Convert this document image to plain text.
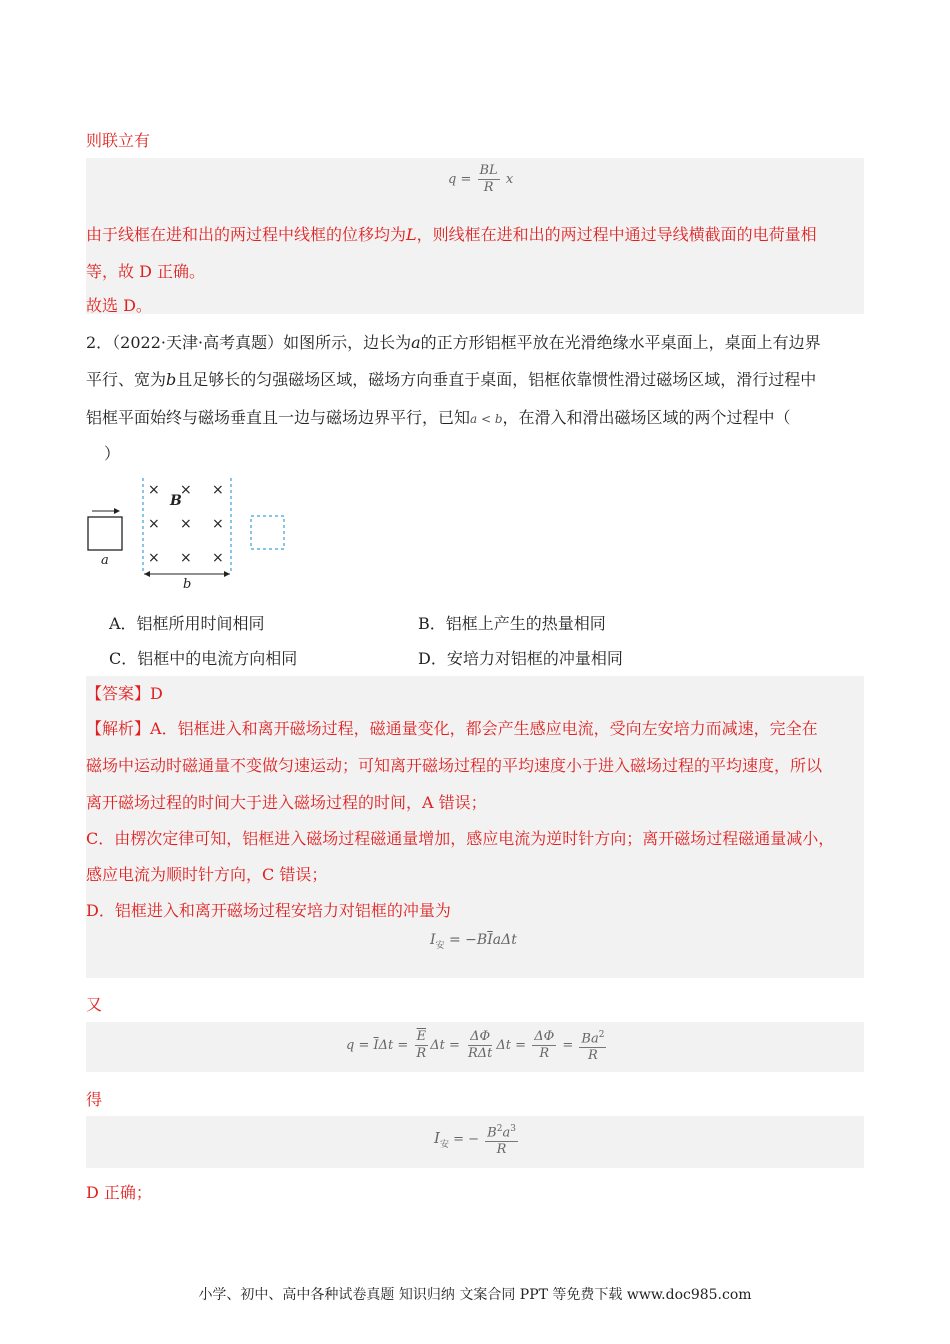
则联立有
$q = \frac{BL}{R}$ x
由于线框在进和出的两过程中线框的位移均为L，则线框在进和出的两过程中通过导线横截面的电荷量相
等，故 D 正确。
故选 D。
2．（2022·天津·高考真题）如图所示，边长为a的正方形铝框平放在光滑绝缘水平桌面上，桌面上有边界
平行、宽为b且足够长的匀强磁场区域，磁场方向垂直于桌面，铝框依靠惯性滑过磁场区域，滑行过程中
铝框平面始终与磁场垂直且一边与磁场边界平行，已知a < b，在滑入和滑出磁场区域的两个过程中（
）
a
× × ×
× × ×
× × ×
B
b
A．铝框所用时间相同	B．铝框上产生的热量相同
C．铝框中的电流方向相同	D．安培力对铝框的冲量相同
【答案】D
【解析】A．铝框进入和离开磁场过程，磁通量变化，都会产生感应电流，受向左安培力而减速，完全在
磁场中运动时磁通量不变做匀速运动；可知离开磁场过程的平均速度小于进入磁场过程的平均速度，所以
离开磁场过程的时间大于进入磁场过程的时间，A 错误；
C．由楞次定律可知，铝框进入磁场过程磁通量增加，感应电流为逆时针方向；离开磁场过程磁通量减小，
感应电流为顺时针方向，C 错误；
D．铝框进入和离开磁场过程安培力对铝框的冲量为
$I_安 = -B\overline{I}a\Delta t$
又
$q = \overline{I}\Delta t = \frac{\overline{E}}{R}$ $\Delta t = \frac{\Delta\Phi}{\text{RΔt}}$ $\Delta t = \frac{\Delta\Phi}{R} = \frac{Ba^2}{R}$
得
$I_安$ = − $\frac{B^2a^3}{R}$
D 正确；
小学、初中、高中各种试卷真题 知识归纳 文案合同 PPT 等免费下载 www.doc985.com
